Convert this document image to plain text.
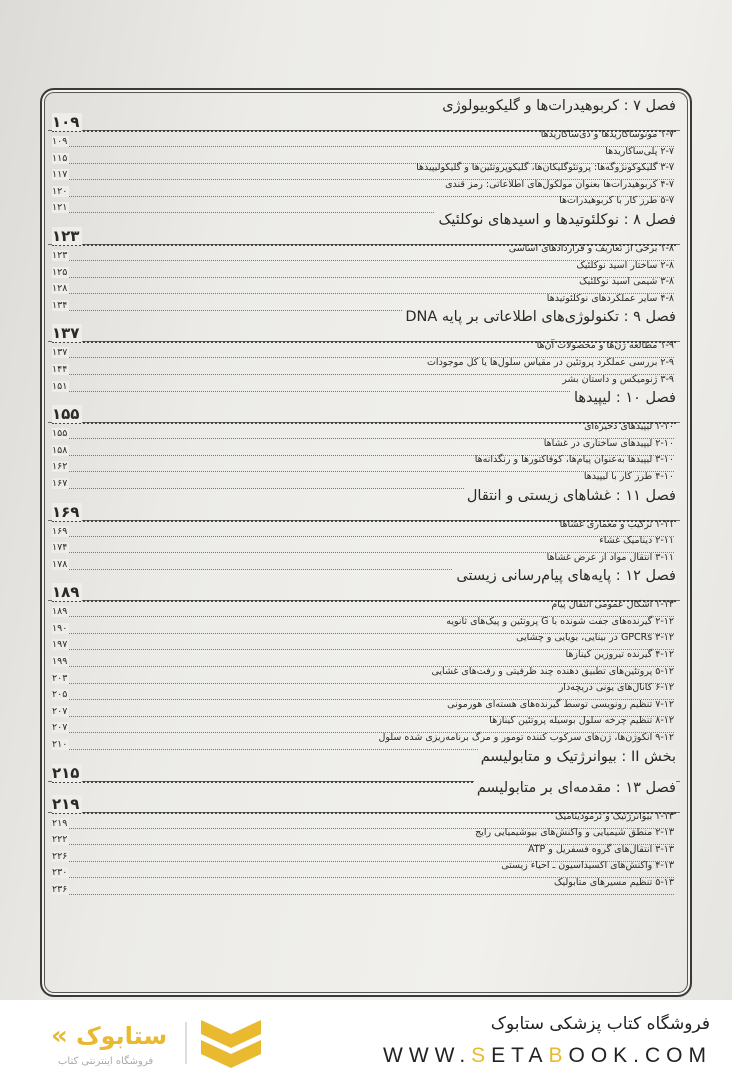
۱۰۹
فصل ۷ : کربوهیدرات‌ها و گلیکوبیولوژی
۱۰۹
۱-۷ مونوساکاریدها و دی‌ساکاریدها
۱۱۵
۲-۷ پلی‌ساکاریدها
۱۱۷
۳-۷ گلیکوکونژوگه‌ها: پروتئوگلیکان‌ها، گلیکوپروتئین‌ها و گلیکولیپیدها
۱۲۰
۴-۷ کربوهیدرات‌ها بعنوان مولکول‌های اطلاعاتی: رمز قندی
۱۲۱
۵-۷ طرز کار با کربوهیدرات‌ها
۱۲۳
فصل ۸ : نوکلئوتیدها و اسیدهای نوکلئیک
۱۲۳
۱-۸ برخی از تعاریف و قراردادهای اساسی
۱۲۵
۲-۸ ساختار اسید نوکلئیک
۱۲۸
۳-۸ شیمی اسید نوکلئیک
۱۳۴
۴-۸ سایر عملکردهای نوکلئوتیدها
۱۳۷
فصل ۹ : تکنولوژی‌های اطلاعاتی بر پایه DNA
۱۳۷
۱-۹ مطالعه ژن‌ها و محصولات آن‌ها
۱۴۴
۲-۹ بررسی عملکرد پروتئین در مقیاس سلول‌ها یا کل موجودات
۱۵۱
۳-۹ ژنومیکس و داستان بشر
۱۵۵
فصل ۱۰ : لیپیدها
۱۵۵
۱-۱۰ لیپیدهای ذخیره‌ای
۱۵۸
۲-۱۰ لیپیدهای ساختاری در غشاها
۱۶۲
۳-۱۰ لیپیدها به‌عنوان پیام‌ها، کوفاکتورها و رنگدانه‌ها
۱۶۷
۴-۱۰ طرز کار با لیپیدها
۱۶۹
فصل ۱۱ : غشاهای زیستی و انتقال
۱۶۹
۱-۱۱ ترکیب و معماری غشاها
۱۷۴
۲-۱۱ دینامیک غشاء
۱۷۸
۳-۱۱ انتقال مواد از عرض غشاها
۱۸۹
فصل ۱۲ : پایه‌های پیام‌رسانی زیستی
۱۸۹
۱-۱۲ اشکال عمومی انتقال پیام
۱۹۰
۲-۱۲ گیرنده‌های جفت شونده با G پروتئین و پیک‌های ثانویه
۱۹۷
۳-۱۲ GPCRs در بینایی، بویایی و چشایی
۱۹۹
۴-۱۲ گیرنده تیروزین کینازها
۲۰۳
۵-۱۲ پروتئین‌های تطبیق دهنده چند ظرفیتی و رفت‌های غشایی
۲۰۵
۶-۱۲ کانال‌های یونی دریچه‌دار
۲۰۷
۷-۱۲ تنظیم رونویسی توسط گیرنده‌های هسته‌ای هورمونی
۲۰۷
۸-۱۲ تنظیم چرخه سلول بوسیله پروتئین کینازها
۲۱۰
۹-۱۲ انکوژن‌ها، ژن‌های سرکوب کننده تومور و مرگ برنامه‌ریزی شده سلول
۲۱۵
بخش II : بیوانرژتیک و متابولیسم
۲۱۹
فصل ۱۳ : مقدمه‌ای بر متابولیسم
۲۱۹
۱-۱۳ بیوانرژتیک و ترمودینامیک
۲۲۲
۲-۱۳ منطق شیمیایی و واکنش‌های بیوشیمیایی رایج
۲۲۶
۳-۱۳ انتقال‌های گروه فسفریل و ATP
۲۳۰
۴-۱۳ واکنش‌های اکسیداسیون ـ احیاء زیستی
۲۳۶
۵-۱۳ تنظیم مسیرهای متابولیک
« ستابوک
فروشگاه اینترنتی کتاب
فروشگاه کتاب پزشکی ستابوک
WWW.SETABOOK.COM
